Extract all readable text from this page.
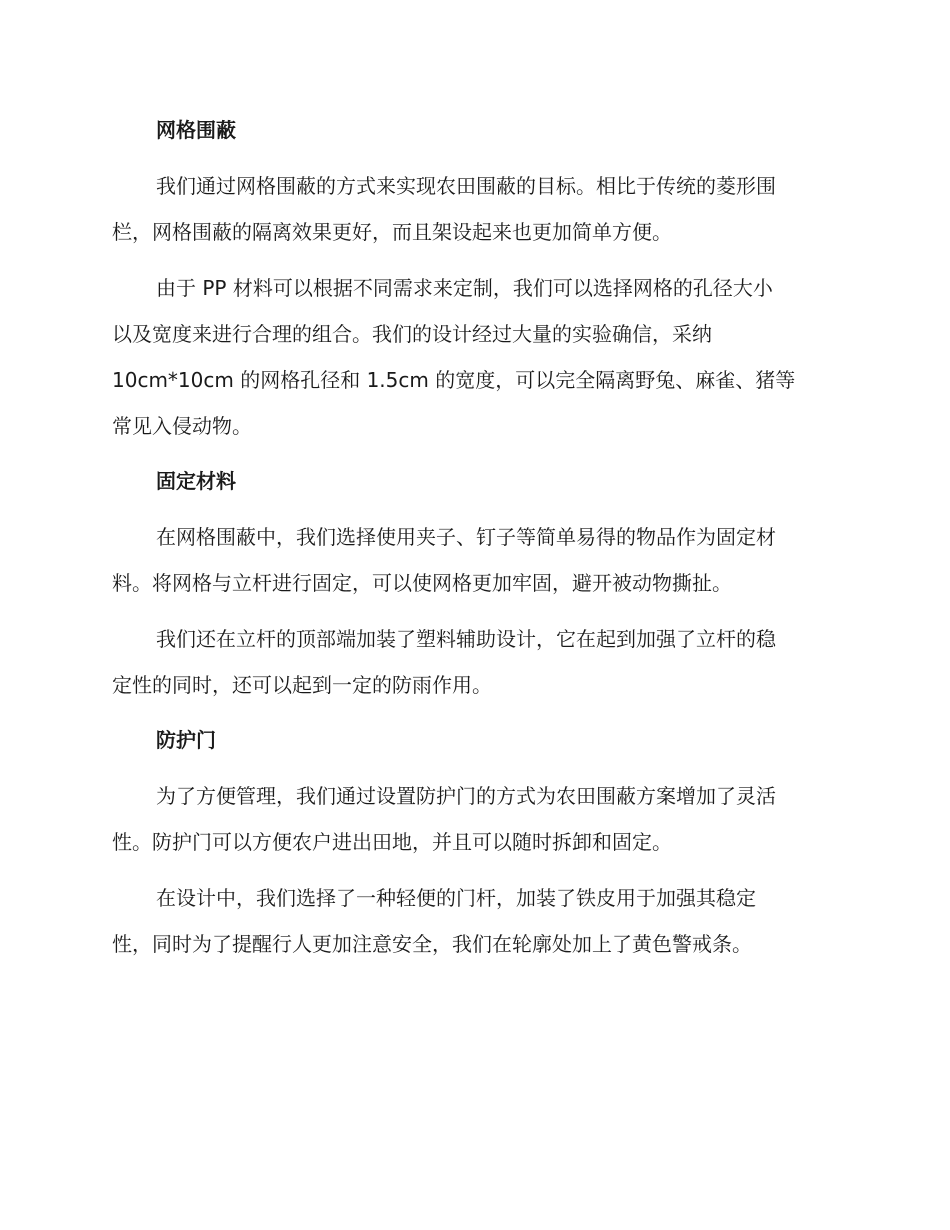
网格围蔽

我们通过网格围蔽的方式来实现农田围蔽的目标。相比于传统的菱形围
栏，网格围蔽的隔离效果更好，而且架设起来也更加简单方便。

由于 PP 材料可以根据不同需求来定制，我们可以选择网格的孔径大小
以及宽度来进行合理的组合。我们的设计经过大量的实验确信，采纳
10cm*10cm 的网格孔径和 1.5cm 的宽度，可以完全隔离野兔、麻雀、猪等
常见入侵动物。

固定材料

在网格围蔽中，我们选择使用夹子、钉子等简单易得的物品作为固定材
料。将网格与立杆进行固定，可以使网格更加牢固，避开被动物撕扯。

我们还在立杆的顶部端加装了塑料辅助设计，它在起到加强了立杆的稳
定性的同时，还可以起到一定的防雨作用。

防护门

为了方便管理，我们通过设置防护门的方式为农田围蔽方案增加了灵活
性。防护门可以方便农户进出田地，并且可以随时拆卸和固定。

在设计中，我们选择了一种轻便的门杆，加装了铁皮用于加强其稳定
性，同时为了提醒行人更加注意安全，我们在轮廓处加上了黄色警戒条。
